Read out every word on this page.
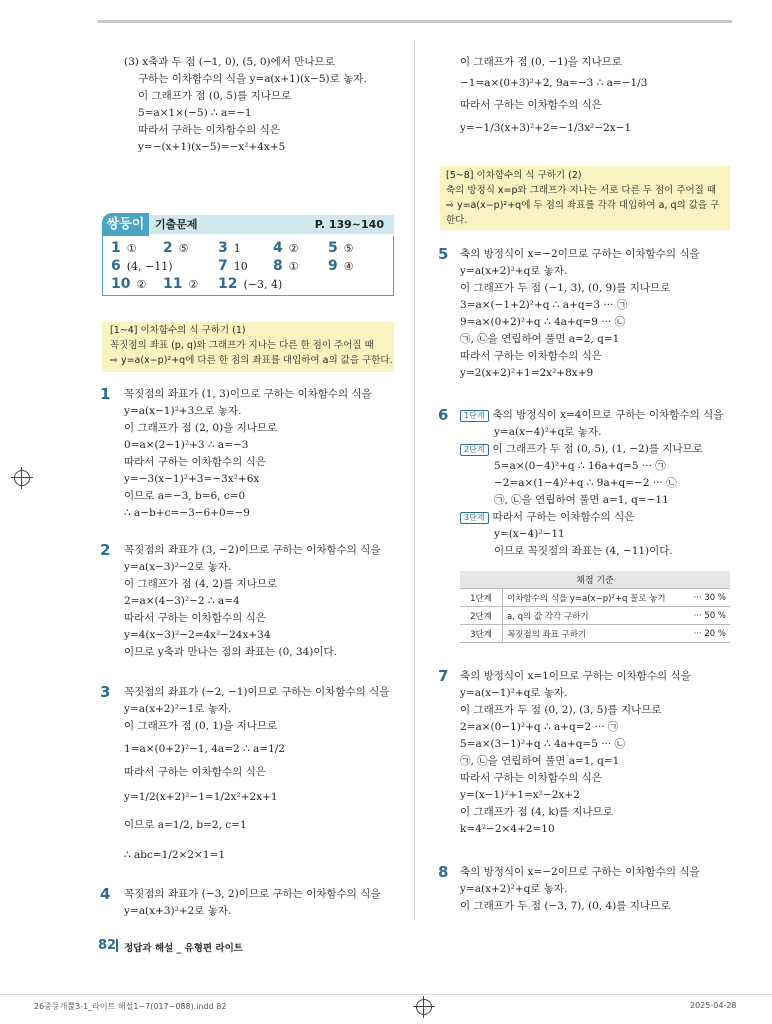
(3) x축과 두 점 (−1, 0), (5, 0)에서 만나므로
구하는 이차함수의 식을 y=a(x+1)(x−5)로 놓자.
이 그래프가 점 (0, 5)를 지나므로
5=a×1×(−5) ∴ a=−1
따라서 구하는 이차함수의 식은
y=−(x+1)(x−5)=−x²+4x+5
쌍둥이 기출문제	P. 139~140
1 ① 2 ⑤ 3 1 4 ② 5 ⑤
6 (4, −11)	7 10 8 ① 9 ④
10 ② 11 ② 12 (−3, 4)
[1~4] 이차함수의 식 구하기 (1)
꼭짓점의 좌표 (p, q)와 그래프가 지나는 다른 한 점이 주어질 때
⇨ y=a(x−p)²+q에 다른 한 점의 좌표를 대입하여 a의 값을 구한다.
1 꼭짓점의 좌표가 (1, 3)이므로 구하는 이차함수의 식을
y=a(x−1)²+3으로 놓자.
이 그래프가 점 (2, 0)을 지나므로
0=a×(2−1)²+3 ∴ a=−3
따라서 구하는 이차함수의 식은
y=−3(x−1)²+3=−3x²+6x
이므로 a=−3, b=6, c=0
∴ a−b+c=−3−6+0=−9
2 꼭짓점의 좌표가 (3, −2)이므로 구하는 이차함수의 식을
y=a(x−3)²−2로 놓자.
이 그래프가 점 (4, 2)를 지나므로
2=a×(4−3)²−2 ∴ a=4
따라서 구하는 이차함수의 식은
y=4(x−3)²−2=4x²−24x+34
이므로 y축과 만나는 점의 좌표는 (0, 34)이다.
3 꼭짓점의 좌표가 (−2, −1)이므로 구하는 이차함수의 식을
y=a(x+2)²−1로 놓자.
이 그래프가 점 (0, 1)을 지나므로
1=a×(0+2)²−1, 4a=2 ∴ a=1/2
따라서 구하는 이차함수의 식은
y=1/2(x+2)²−1=1/2x²+2x+1
이므로 a=1/2, b=2, c=1
∴ abc=1/2×2×1=1
4 꼭짓점의 좌표가 (−3, 2)이므로 구하는 이차함수의 식을
y=a(x+3)²+2로 놓자.
이 그래프가 점 (0, −1)을 지나므로
−1=a×(0+3)²+2, 9a=−3 ∴ a=−1/3
따라서 구하는 이차함수의 식은
y=−1/3(x+3)²+2=−1/3x²−2x−1
[5~8] 이차함수의 식 구하기 (2)
축의 방정식 x=p와 그래프가 지나는 서로 다른 두 점이 주어질 때
⇨ y=a(x−p)²+q에 두 점의 좌표를 각각 대입하여 a, q의 값을 구
한다.
5 축의 방정식이 x=−2이므로 구하는 이차함수의 식을
y=a(x+2)²+q로 놓자.
이 그래프가 두 점 (−1, 3), (0, 9)를 지나므로
3=a×(−1+2)²+q ∴ a+q=3 ··· ㉠
9=a×(0+2)²+q ∴ 4a+q=9 ··· ㉡
㉠, ㉡을 연립하여 풀면 a=2, q=1
따라서 구하는 이차함수의 식은
y=2(x+2)²+1=2x²+8x+9
6	1단계 축의 방정식이 x=4이므로 구하는 이차함수의 식을
y=a(x−4)²+q로 놓자.
2단계 이 그래프가 두 점 (0, 5), (1, −2)를 지나므로
5=a×(0−4)²+q ∴ 16a+q=5 ··· ㉠
−2=a×(1−4)²+q ∴ 9a+q=−2 ··· ㉡
㉠, ㉡을 연립하여 풀면 a=1, q=−11
3단계 따라서 구하는 이차함수의 식은
y=(x−4)²−11
이므로 꼭짓점의 좌표는 (4, −11)이다.
채점 기준		
1단계	이차함수의 식을 y=a(x−p)²+q 꼴로 놓기	··· 30 %
2단계	a, q의 값 각각 구하기	··· 50 %
3단계	꼭짓점의 좌표 구하기	··· 20 %
7 축의 방정식이 x=1이므로 구하는 이차함수의 식을
y=a(x−1)²+q로 놓자.
이 그래프가 두 점 (0, 2), (3, 5)를 지나므로
2=a×(0−1)²+q ∴ a+q=2 ··· ㉠
5=a×(3−1)²+q ∴ 4a+q=5 ··· ㉡
㉠, ㉡을 연립하여 풀면 a=1, q=1
따라서 구하는 이차함수의 식은
y=(x−1)²+1=x²−2x+2
이 그래프가 점 (4, k)를 지나므로
k=4²−2×4+2=10
8 축의 방정식이 x=−2이므로 구하는 이차함수의 식을
y=a(x+2)²+q로 놓자.
이 그래프가 두 점 (−3, 7), (0, 4)를 지나므로
82 정답과 해설 _ 유형편 라이트
26중등개뿔3-1_라이트 해설1~7(017~088).indd 82	2025-04-28
